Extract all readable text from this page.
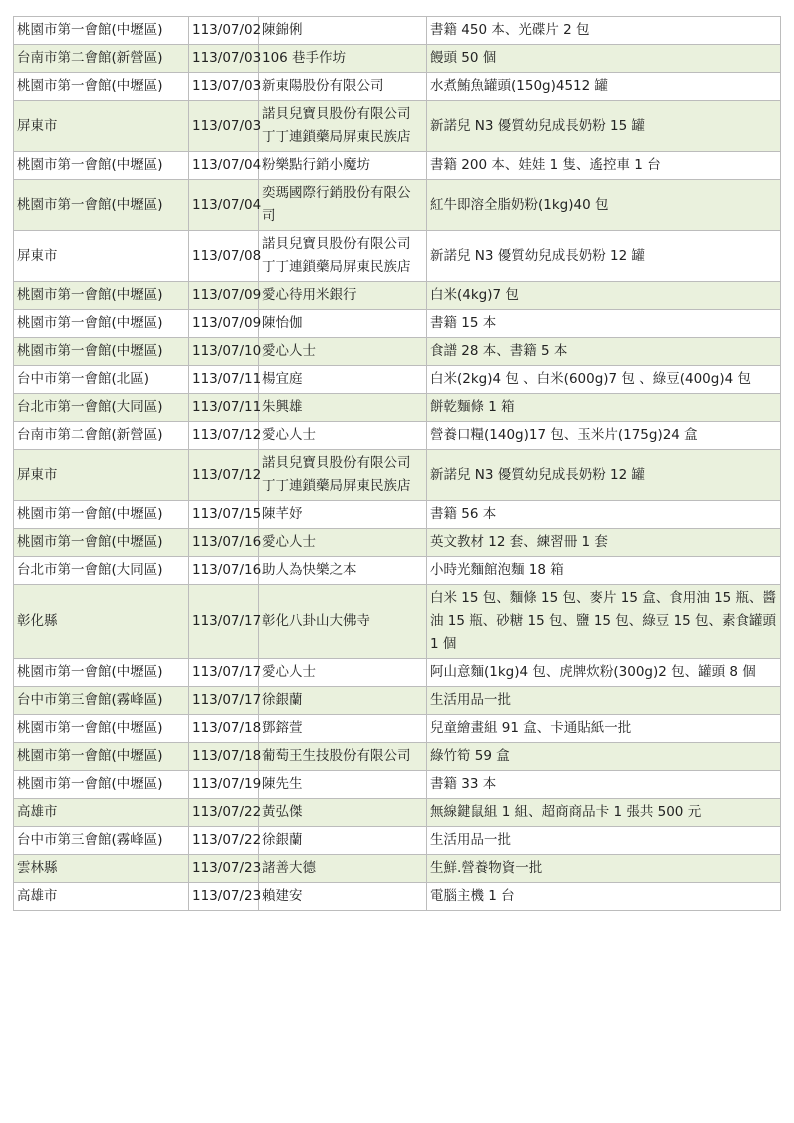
桃園市第一會館(中壢區)	113/07/02	陳錦俐	書籍 450 本、光碟片 2 包
台南市第二會館(新營區)	113/07/03	106 巷手作坊	饅頭 50 個
桃園市第一會館(中壢區)	113/07/03	新東陽股份有限公司	水煮鮪魚罐頭(150g)4512 罐
屏東市	113/07/03	諾貝兒寶貝股份有限公司丁丁連鎖藥局屏東民族店	新諾兒 N3 優質幼兒成長奶粉 15 罐
桃園市第一會館(中壢區)	113/07/04	粉樂點行銷小魔坊	書籍 200 本、娃娃 1 隻、遙控車 1 台
桃園市第一會館(中壢區)	113/07/04	奕瑪國際行銷股份有限公司	紅牛即溶全脂奶粉(1kg)40 包
屏東市	113/07/08	諾貝兒寶貝股份有限公司丁丁連鎖藥局屏東民族店	新諾兒 N3 優質幼兒成長奶粉 12 罐
桃園市第一會館(中壢區)	113/07/09	愛心待用米銀行	白米(4kg)7 包
桃園市第一會館(中壢區)	113/07/09	陳怡伽	書籍 15 本
桃園市第一會館(中壢區)	113/07/10	愛心人士	食譜 28 本、書籍 5 本
台中市第一會館(北區)	113/07/11	楊宜庭	白米(2kg)4 包 、白米(600g)7 包 、綠豆(400g)4 包
台北市第一會館(大同區)	113/07/11	朱興雄	餅乾麵條 1 箱
台南市第二會館(新營區)	113/07/12	愛心人士	營養口糧(140g)17 包、玉米片(175g)24 盒
屏東市	113/07/12	諾貝兒寶貝股份有限公司丁丁連鎖藥局屏東民族店	新諾兒 N3 優質幼兒成長奶粉 12 罐
桃園市第一會館(中壢區)	113/07/15	陳芊妤	書籍 56 本
桃園市第一會館(中壢區)	113/07/16	愛心人士	英文教材 12 套、練習冊 1 套
台北市第一會館(大同區)	113/07/16	助人為快樂之本	小時光麵館泡麵 18 箱
彰化縣	113/07/17	彰化八卦山大佛寺	白米 15 包、麵條 15 包、麥片 15 盒、食用油 15 瓶、醬油 15 瓶、砂糖 15 包、鹽 15 包、綠豆 15 包、素食罐頭 1 個
桃園市第一會館(中壢區)	113/07/17	愛心人士	阿山意麵(1kg)4 包、虎牌炊粉(300g)2 包、罐頭 8 個
台中市第三會館(霧峰區)	113/07/17	徐銀蘭	生活用品一批
桃園市第一會館(中壢區)	113/07/18	鄧鎔萱	兒童繪畫組 91 盒、卡通貼紙一批
桃園市第一會館(中壢區)	113/07/18	葡萄王生技股份有限公司	綠竹筍 59 盒
桃園市第一會館(中壢區)	113/07/19	陳先生	書籍 33 本
高雄市	113/07/22	黃弘傑	無線鍵鼠組 1 組、超商商品卡 1 張共 500 元
台中市第三會館(霧峰區)	113/07/22	徐銀蘭	生活用品一批
雲林縣	113/07/23	諸善大德	生鮮.營養物資一批
高雄市	113/07/23	賴建安	電腦主機 1 台
